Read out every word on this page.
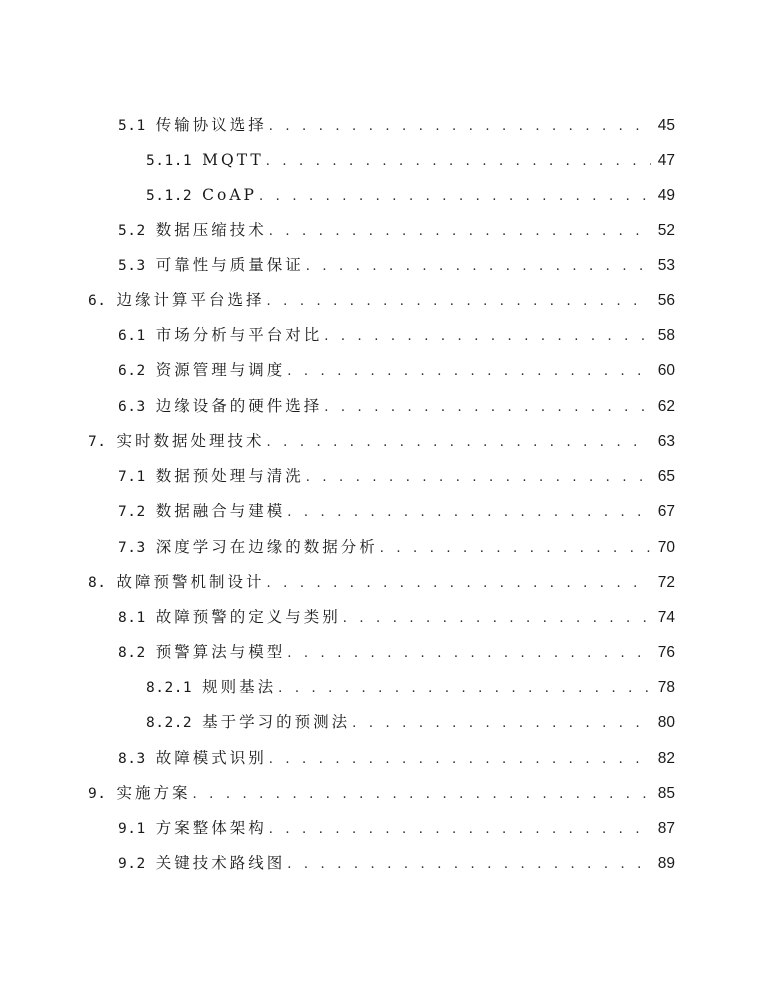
5.1 传输协议选择 . . .	45
5.1.1 MQTT . . .	47
5.1.2 CoAP . . .	49
5.2 数据压缩技术 . . .	52
5.3 可靠性与质量保证 . . .	53
6. 边缘计算平台选择 . . .	56
6.1 市场分析与平台对比 . . .	58
6.2 资源管理与调度 . . .	60
6.3 边缘设备的硬件选择 . . .	62
7. 实时数据处理技术 . . .	63
7.1 数据预处理与清洗 . . .	65
7.2 数据融合与建模 . . .	67
7.3 深度学习在边缘的数据分析 . . .	70
8. 故障预警机制设计 . . .	72
8.1 故障预警的定义与类别 . . .	74
8.2 预警算法与模型 . . .	76
8.2.1 规则基法 . . .	78
8.2.2 基于学习的预测法 . . .	80
8.3 故障模式识别 . . .	82
9. 实施方案 . . .	85
9.1 方案整体架构 . . .	87
9.2 关键技术路线图 . . .	89
